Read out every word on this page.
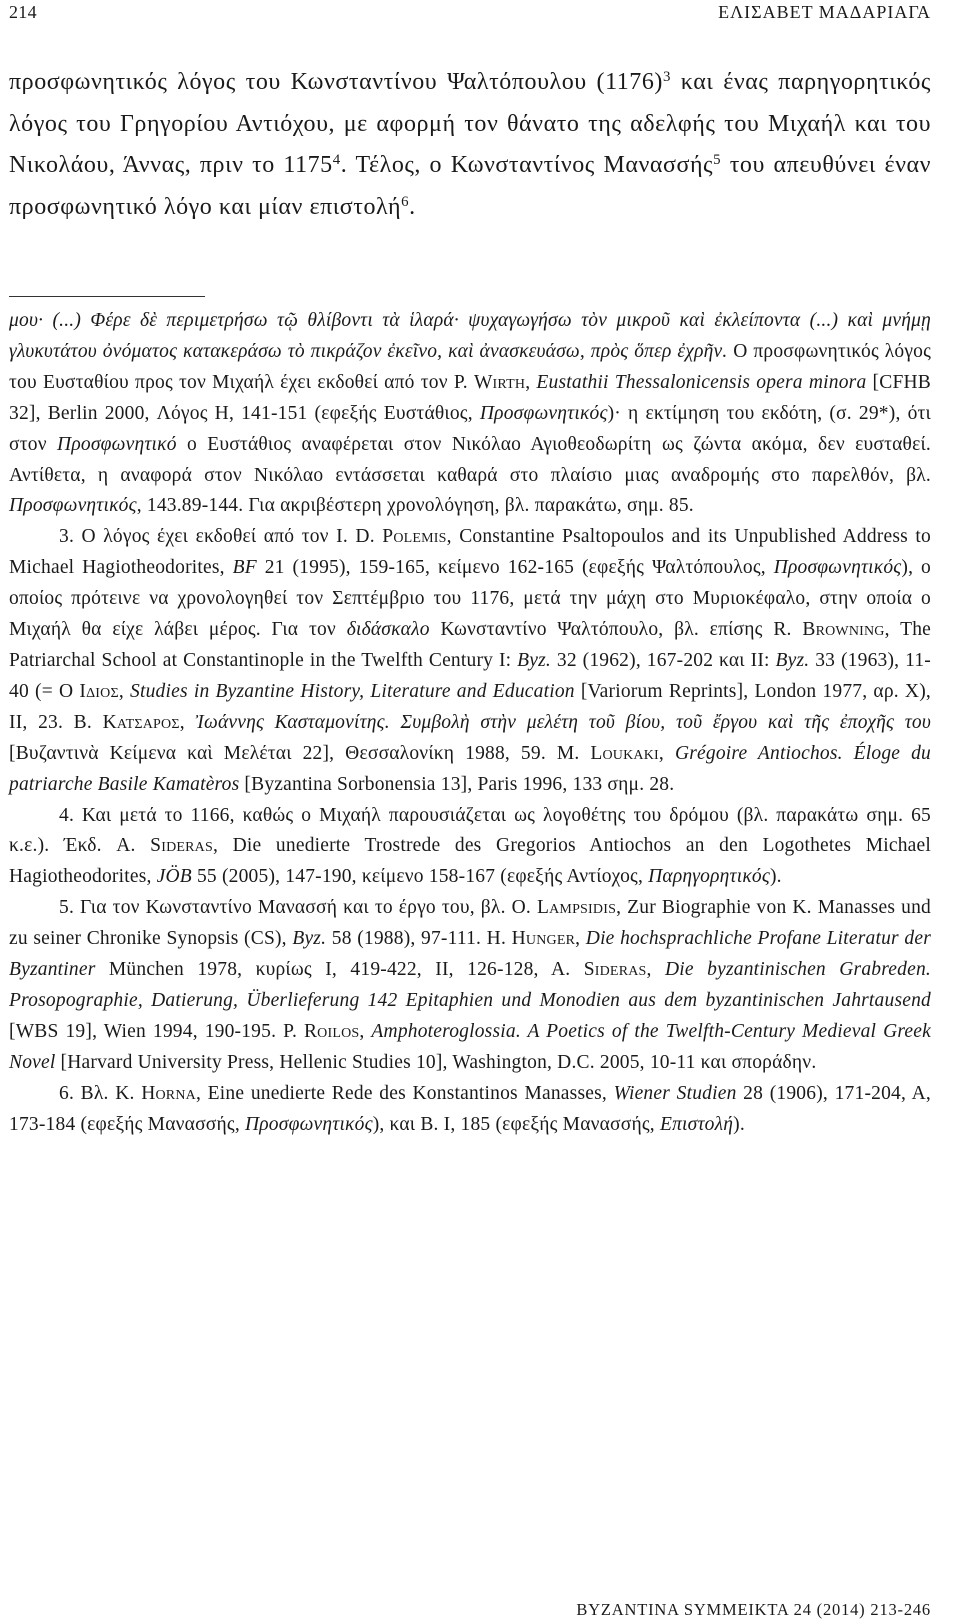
214	ΕΛΙΣΑΒΕΤ ΜΑΔΑΡΙΑΓΑ

προσφωνητικός λόγος του Κωνσταντίνου Ψαλτόπουλου $(1176)^3$ και ένας παρηγορητικός λόγος του Γρηγορίου Αντιόχου, με αφορμή τον θάνατο της αδελφής του Μιχαήλ και του Νικολάου, Άννας, πριν το 1175$^4$. Τέλος, ο Κωνσταντίνος Μανασσής$^5$ του απευθύνει έναν προσφωνητικό λόγο και μίαν επιστολή$^6$.

μου· (...) Φέρε δὲ περιμετρήσω τῷ θλίβοντι τὰ ἱλαρά· ψυχαγωγήσω τὸν μικροῦ καὶ ἐκλείποντα (...) καὶ μνήμῃ γλυκυτάτου ὀνόματος κατακεράσω τὸ πικράζον ἐκεῖνο, καὶ ἀνασκευάσω, πρὸς ὅπερ ἐχρῆν. Ο προσφωνητικός λόγος του Ευσταθίου προς τον Μιχαήλ έχει εκδοθεί από τον P. Wirth, Eustathii Thessalonicensis opera minora [CFHB 32], Berlin 2000, Λόγος Η, 141-151 (εφεξής Ευστάθιος, Προσφωνητικός)· η εκτίμηση του εκδότη, (σ. 29*), ότι στον Προσφωνητικό ο Ευστάθιος αναφέρεται στον Νικόλαο Αγιοθεοδωρίτη ως ζώντα ακόμα, δεν ευσταθεί. Αντίθετα, η αναφορά στον Νικόλαο εντάσσεται καθαρά στο πλαίσιο μιας αναδρομής στο παρελθόν, βλ. Προσφωνητικός, 143.89-144. Για ακριβέστερη χρονολόγηση, βλ. παρακάτω, σημ. 85.

3. Ο λόγος έχει εκδοθεί από τον I. D. Polemis, Constantine Psaltopoulos and its Unpublished Address to Michael Hagiotheodorites, BF 21 (1995), 159-165, κείμενο 162-165 (εφεξής Ψαλτόπουλος, Προσφωνητικός), ο οποίος πρότεινε να χρονολογηθεί τον Σεπτέμβριο του 1176, μετά την μάχη στο Μυριοκέφαλο, στην οποία ο Μιχαήλ θα είχε λάβει μέρος. Για τον διδάσκαλο Κωνσταντίνο Ψαλτόπουλο, βλ. επίσης R. Browning, The Patriarchal School at Constantinople in the Twelfth Century I: Byz. 32 (1962), 167-202 και II: Byz. 33 (1963), 11-40 (= Ο Ιδιος, Studies in Byzantine History, Literature and Education [Variorum Reprints], London 1977, αρ. X), II, 23. Β. Κατσαρος, Ἰωάννης Κασταμονίτης. Συμβολὴ στὴν μελέτη τοῦ βίου, τοῦ ἔργου καὶ τῆς ἐποχῆς του [Βυζαντινὰ Κείμενα καὶ Μελέται 22], Θεσσαλονίκη 1988, 59. M. Loukaki, Grégoire Antiochos. Éloge du patriarche Basile Kamatèros [Byzantina Sorbonensia 13], Paris 1996, 133 σημ. 28.

4. Και μετά το 1166, καθώς ο Μιχαήλ παρουσιάζεται ως λογοθέτης του δρόμου (βλ. παρακάτω σημ. 65 κ.ε.). Έκδ. A. Sideras, Die unedierte Trostrede des Gregorios Antiochos an den Logothetes Michael Hagiotheodorites, JÖB 55 (2005), 147-190, κείμενο 158-167 (εφεξής Αντίοχος, Παρηγορητικός).

5. Για τον Κωνσταντίνο Μανασσή και το έργο του, βλ. O. Lampsidis, Zur Biographie von K. Manasses und zu seiner Chronike Synopsis (CS), Byz. 58 (1988), 97-111. H. Hunger, Die hochsprachliche Profane Literatur der Byzantiner München 1978, κυρίως I, 419-422, II, 126-128, A. Sideras, Die byzantinischen Grabreden. Prosopographie, Datierung, Überlieferung 142 Epitaphien und Monodien aus dem byzantinischen Jahrtausend [WBS 19], Wien 1994, 190-195. P. Roilos, Amphoteroglossia. A Poetics of the Twelfth-Century Medieval Greek Novel [Harvard University Press, Hellenic Studies 10], Washington, D.C. 2005, 10-11 και σποράδην.

6. Βλ. K. Horna, Eine unedierte Rede des Konstantinos Manasses, Wiener Studien 28 (1906), 171-204, A, 173-184 (εφεξής Μανασσής, Προσφωνητικός), και B. I, 185 (εφεξής Μανασσής, Επιστολή).

BYZANTINA SYMMEIKTA 24 (2014) 213-246
